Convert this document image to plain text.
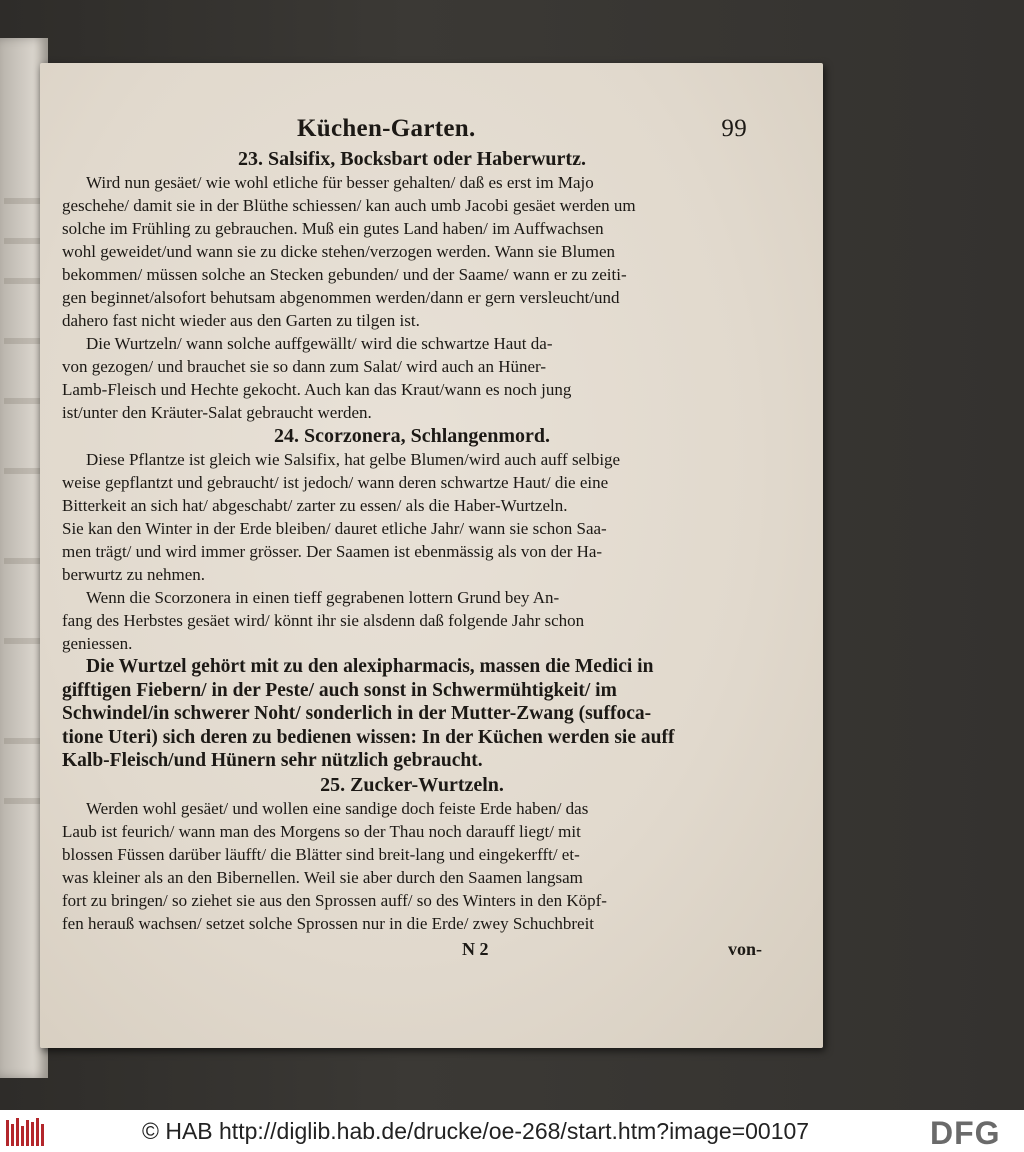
Küchen-Garten.	99
23. Salsifix, Bocksbart oder Haberwurtz.
Wird nun gesäet/ wie wohl etliche für besser gehalten/ daß es erst im Majo
geschehe/ damit sie in der Blüthe schiessen/ kan auch umb Jacobi gesäet werden um
solche im Frühling zu gebrauchen. Muß ein gutes Land haben/ im Auffwachsen
wohl geweidet/und wann sie zu dicke stehen/verzogen werden. Wann sie Blumen
bekommen/ müssen solche an Stecken gebunden/ und der Saame/ wann er zu zeiti-
gen beginnet/alsofort behutsam abgenommen werden/dann er gern versleucht/und
dahero fast nicht wieder aus den Garten zu tilgen ist.
Die Wurtzeln/ wann solche auffgewällt/ wird die schwartze Haut da-
von gezogen/ und brauchet sie so dann zum Salat/ wird auch an Hüner-
Lamb-Fleisch und Hechte gekocht. Auch kan das Kraut/wann es noch jung
ist/unter den Kräuter-Salat gebraucht werden.
24. Scorzonera, Schlangenmord.
Diese Pflantze ist gleich wie Salsifix, hat gelbe Blumen/wird auch auff selbige
weise gepflantzt und gebraucht/ ist jedoch/ wann deren schwartze Haut/ die eine
Bitterkeit an sich hat/ abgeschabt/ zarter zu essen/ als die Haber-Wurtzeln.
Sie kan den Winter in der Erde bleiben/ dauret etliche Jahr/ wann sie schon Saa-
men trägt/ und wird immer grösser. Der Saamen ist ebenmässig als von der Ha-
berwurtz zu nehmen.
Wenn die Scorzonera in einen tieff gegrabenen lottern Grund bey An-
fang des Herbstes gesäet wird/ könnt ihr sie alsdenn daß folgende Jahr schon
geniessen.
Die Wurtzel gehört mit zu den alexipharmacis, massen die Medici in
gifftigen Fiebern/ in der Peste/ auch sonst in Schwermühtigkeit/ im
Schwindel/in schwerer Noht/ sonderlich in der Mutter-Zwang (suffoca-
tione Uteri) sich deren zu bedienen wissen: In der Küchen werden sie auff
Kalb-Fleisch/und Hünern sehr nützlich gebraucht.
25. Zucker-Wurtzeln.
Werden wohl gesäet/ und wollen eine sandige doch feiste Erde haben/ das
Laub ist feurich/ wann man des Morgens so der Thau noch darauff liegt/ mit
blossen Füssen darüber läufft/ die Blätter sind breit-lang und eingekerfft/ et-
was kleiner als an den Bibernellen. Weil sie aber durch den Saamen langsam
fort zu bringen/ so ziehet sie aus den Sprossen auff/ so des Winters in den Köpf-
fen herauß wachsen/ setzet solche Sprossen nur in die Erde/ zwey Schuchbreit
N 2	von-
© HAB http://diglib.hab.de/drucke/oe-268/start.htm?image=00107	DFG
